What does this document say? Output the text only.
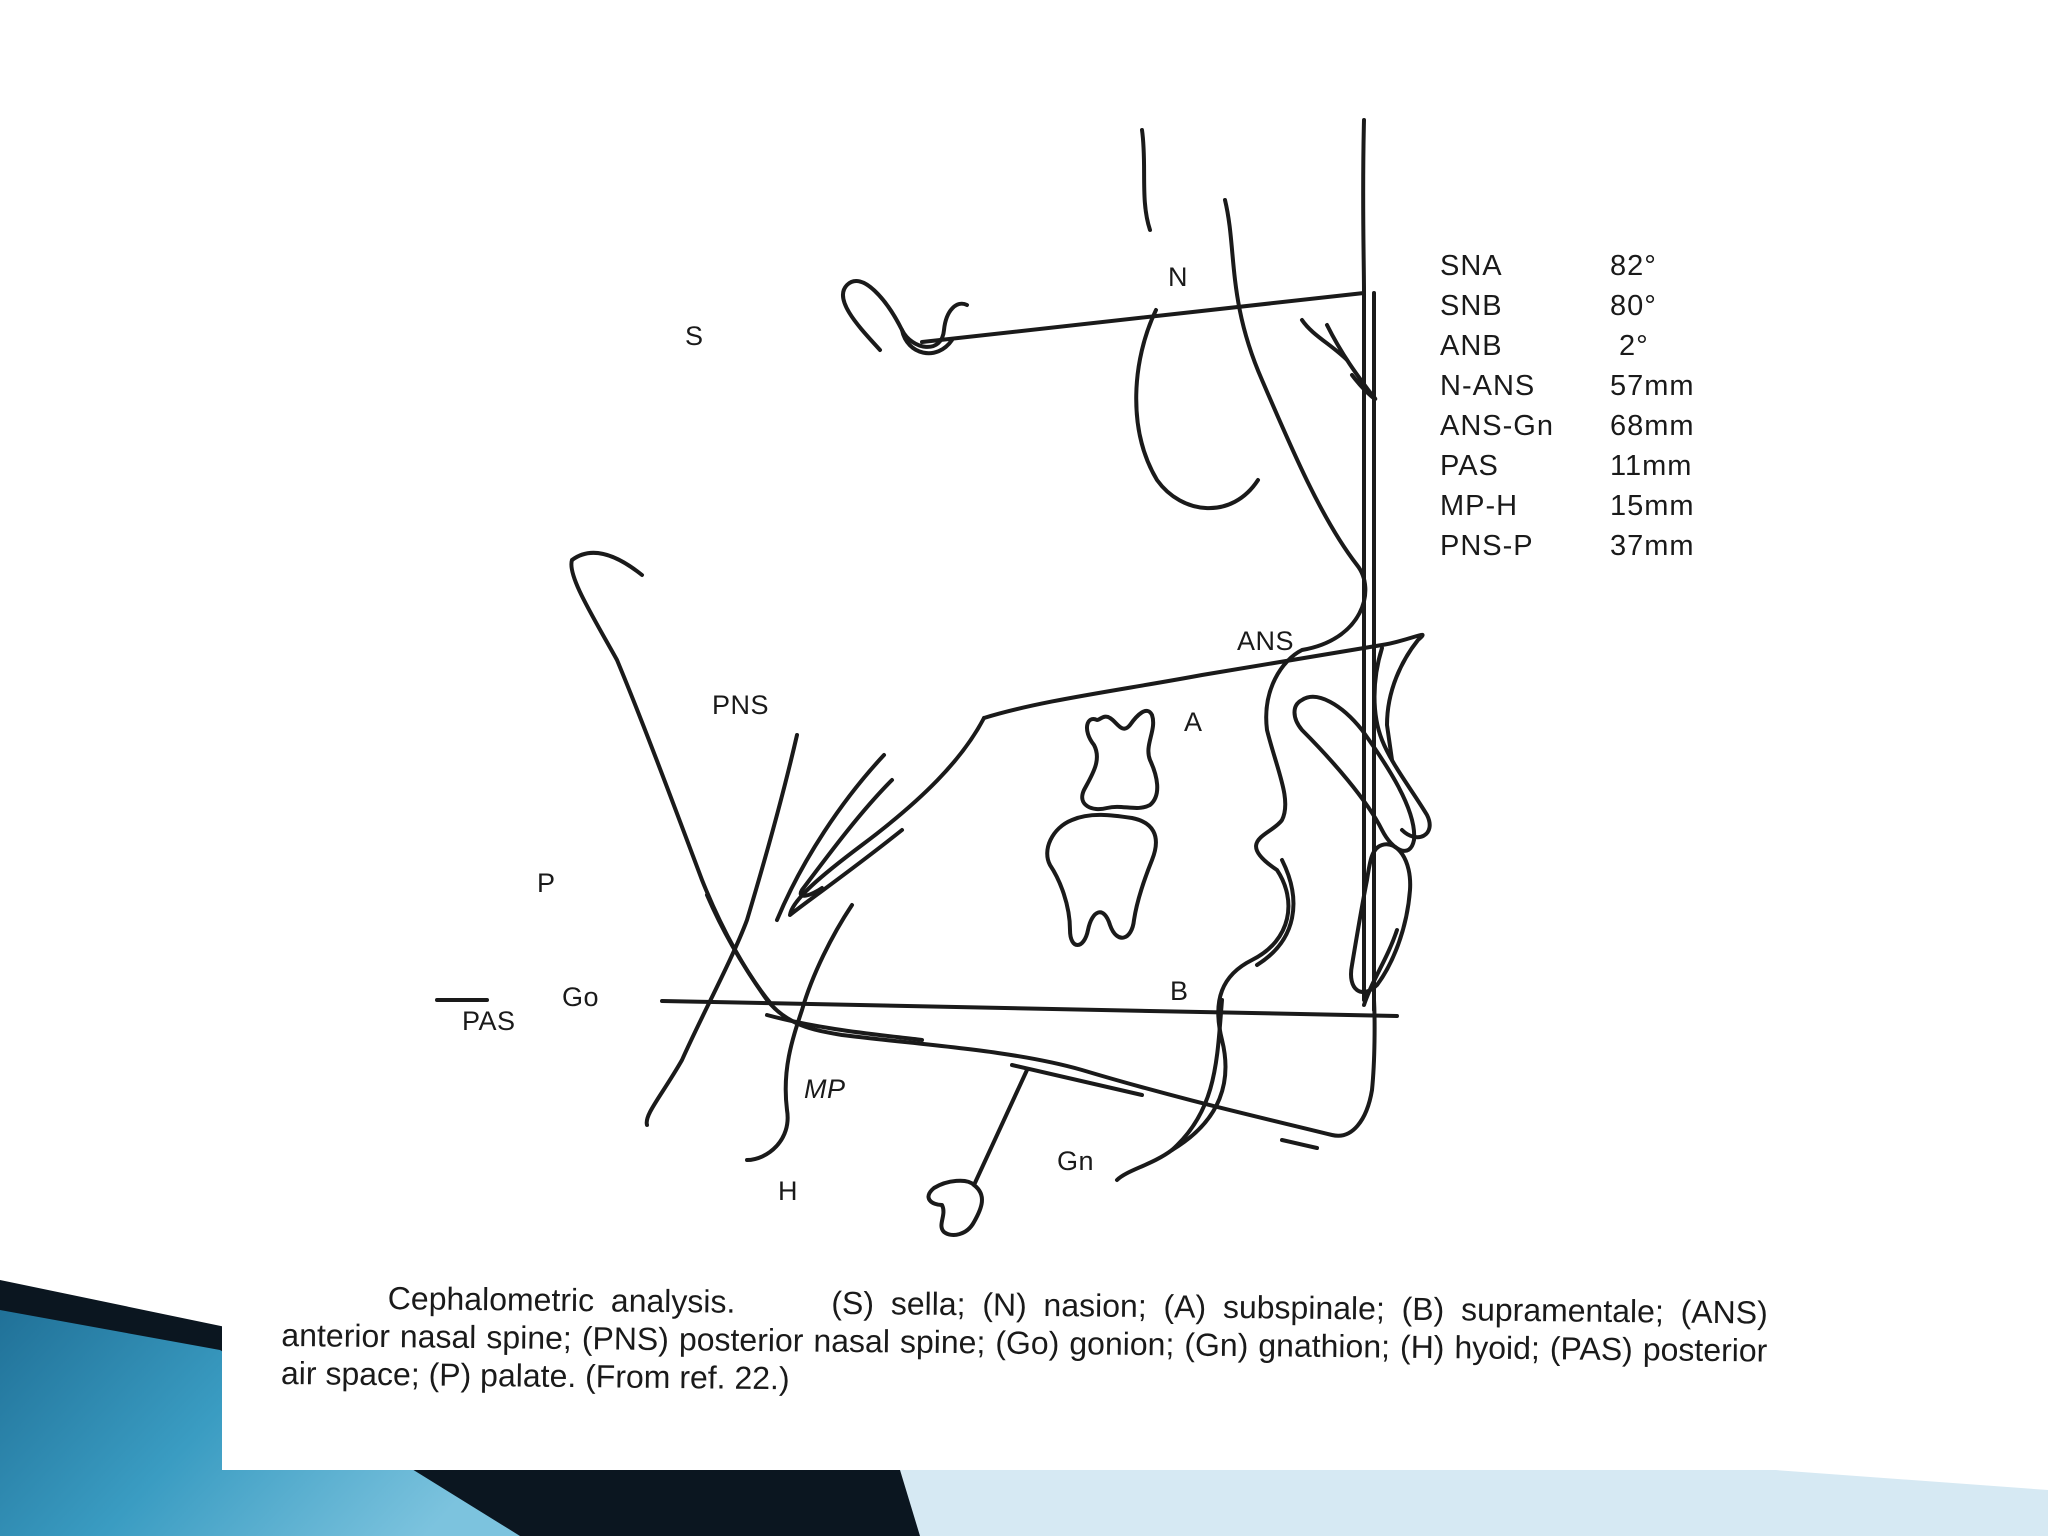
S
N
ANS
PNS
A
P
Go
PAS
B
MP
Gn
H
SNA	82°
SNB	80°
ANB	2°
N-ANS	57mm
ANS-Gn	68mm
PAS	11mm
MP-H	15mm
PNS-P	37mm
Cephalometric analysis.	(S) sella; (N) nasion; (A) subspinale; (B) supramentale; (ANS) anterior nasal spine; (PNS) posterior nasal spine; (Go) gonion; (Gn) gnathion; (H) hyoid; (PAS) posterior air space; (P) palate. (From ref. 22.)
